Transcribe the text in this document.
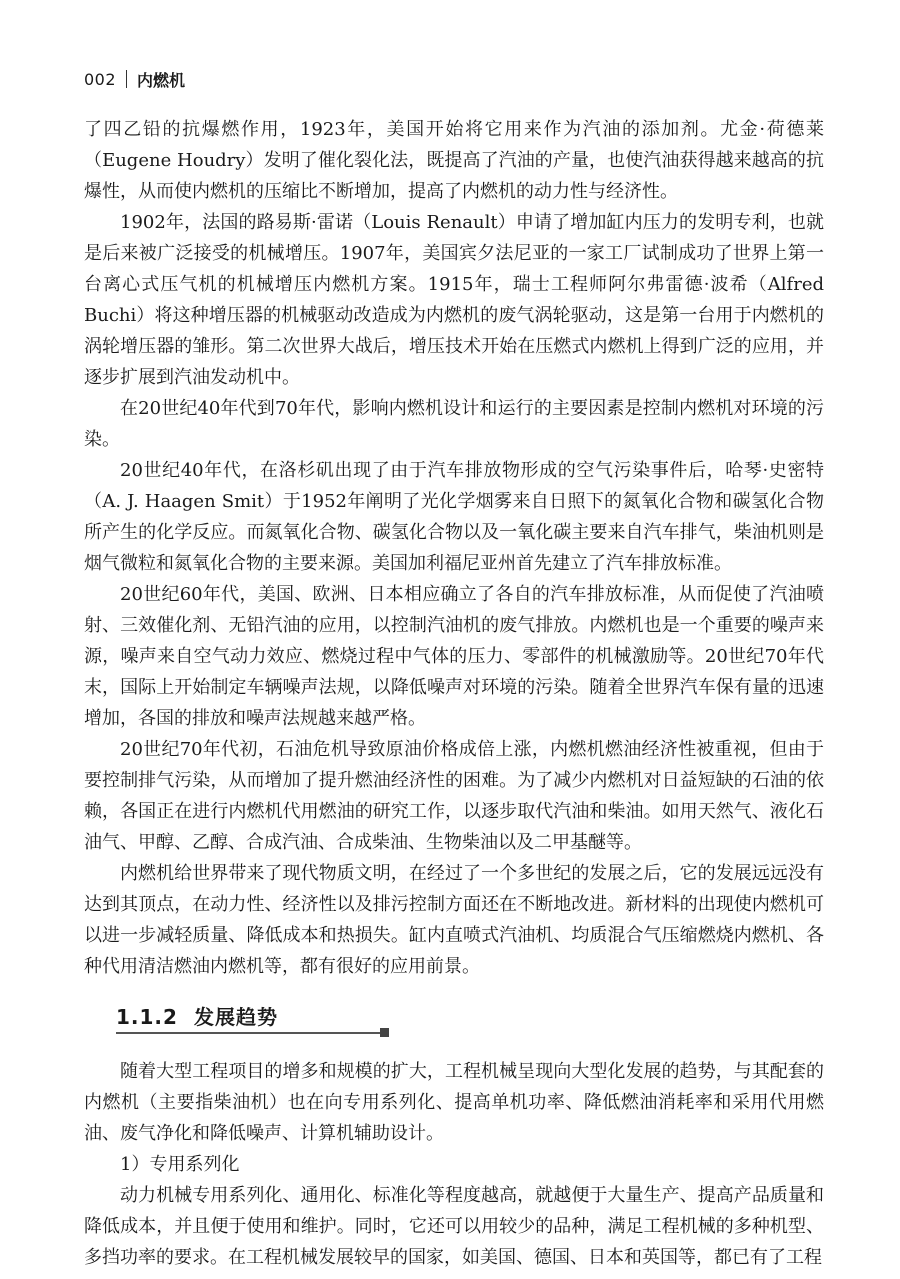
002 内燃机

了四乙铅的抗爆燃作用，1923年，美国开始将它用来作为汽油的添加剂。尤金·荷德莱（Eugene Houdry）发明了催化裂化法，既提高了汽油的产量，也使汽油获得越来越高的抗爆性，从而使内燃机的压缩比不断增加，提高了内燃机的动力性与经济性。

1902年，法国的路易斯·雷诺（Louis Renault）申请了增加缸内压力的发明专利，也就是后来被广泛接受的机械增压。1907年，美国宾夕法尼亚的一家工厂试制成功了世界上第一台离心式压气机的机械增压内燃机方案。1915年，瑞士工程师阿尔弗雷德·波希（Alfred Buchi）将这种增压器的机械驱动改造成为内燃机的废气涡轮驱动，这是第一台用于内燃机的涡轮增压器的雏形。第二次世界大战后，增压技术开始在压燃式内燃机上得到广泛的应用，并逐步扩展到汽油发动机中。

在20世纪40年代到70年代，影响内燃机设计和运行的主要因素是控制内燃机对环境的污染。

20世纪40年代，在洛杉矶出现了由于汽车排放物形成的空气污染事件后，哈琴·史密特（A. J. Haagen Smit）于1952年阐明了光化学烟雾来自日照下的氮氧化合物和碳氢化合物所产生的化学反应。而氮氧化合物、碳氢化合物以及一氧化碳主要来自汽车排气，柴油机则是烟气微粒和氮氧化合物的主要来源。美国加利福尼亚州首先建立了汽车排放标准。

20世纪60年代，美国、欧洲、日本相应确立了各自的汽车排放标准，从而促使了汽油喷射、三效催化剂、无铅汽油的应用，以控制汽油机的废气排放。内燃机也是一个重要的噪声来源，噪声来自空气动力效应、燃烧过程中气体的压力、零部件的机械激励等。20世纪70年代末，国际上开始制定车辆噪声法规，以降低噪声对环境的污染。随着全世界汽车保有量的迅速增加，各国的排放和噪声法规越来越严格。

20世纪70年代初，石油危机导致原油价格成倍上涨，内燃机燃油经济性被重视，但由于要控制排气污染，从而增加了提升燃油经济性的困难。为了减少内燃机对日益短缺的石油的依赖，各国正在进行内燃机代用燃油的研究工作，以逐步取代汽油和柴油。如用天然气、液化石油气、甲醇、乙醇、合成汽油、合成柴油、生物柴油以及二甲基醚等。

内燃机给世界带来了现代物质文明，在经过了一个多世纪的发展之后，它的发展远远没有达到其顶点，在动力性、经济性以及排污控制方面还在不断地改进。新材料的出现使内燃机可以进一步减轻质量、降低成本和热损失。缸内直喷式汽油机、均质混合气压缩燃烧内燃机、各种代用清洁燃油内燃机等，都有很好的应用前景。

1.1.2 发展趋势

随着大型工程项目的增多和规模的扩大，工程机械呈现向大型化发展的趋势，与其配套的内燃机（主要指柴油机）也在向专用系列化、提高单机功率、降低燃油消耗率和采用代用燃油、废气净化和降低噪声、计算机辅助设计。

1）专用系列化

动力机械专用系列化、通用化、标准化等程度越高，就越便于大量生产、提高产品质量和降低成本，并且便于使用和维护。同时，它还可以用较少的品种，满足工程机械的多种机型、多挡功率的要求。在工程机械发展较早的国家，如美国、德国、日本和英国等，都已有了工程
